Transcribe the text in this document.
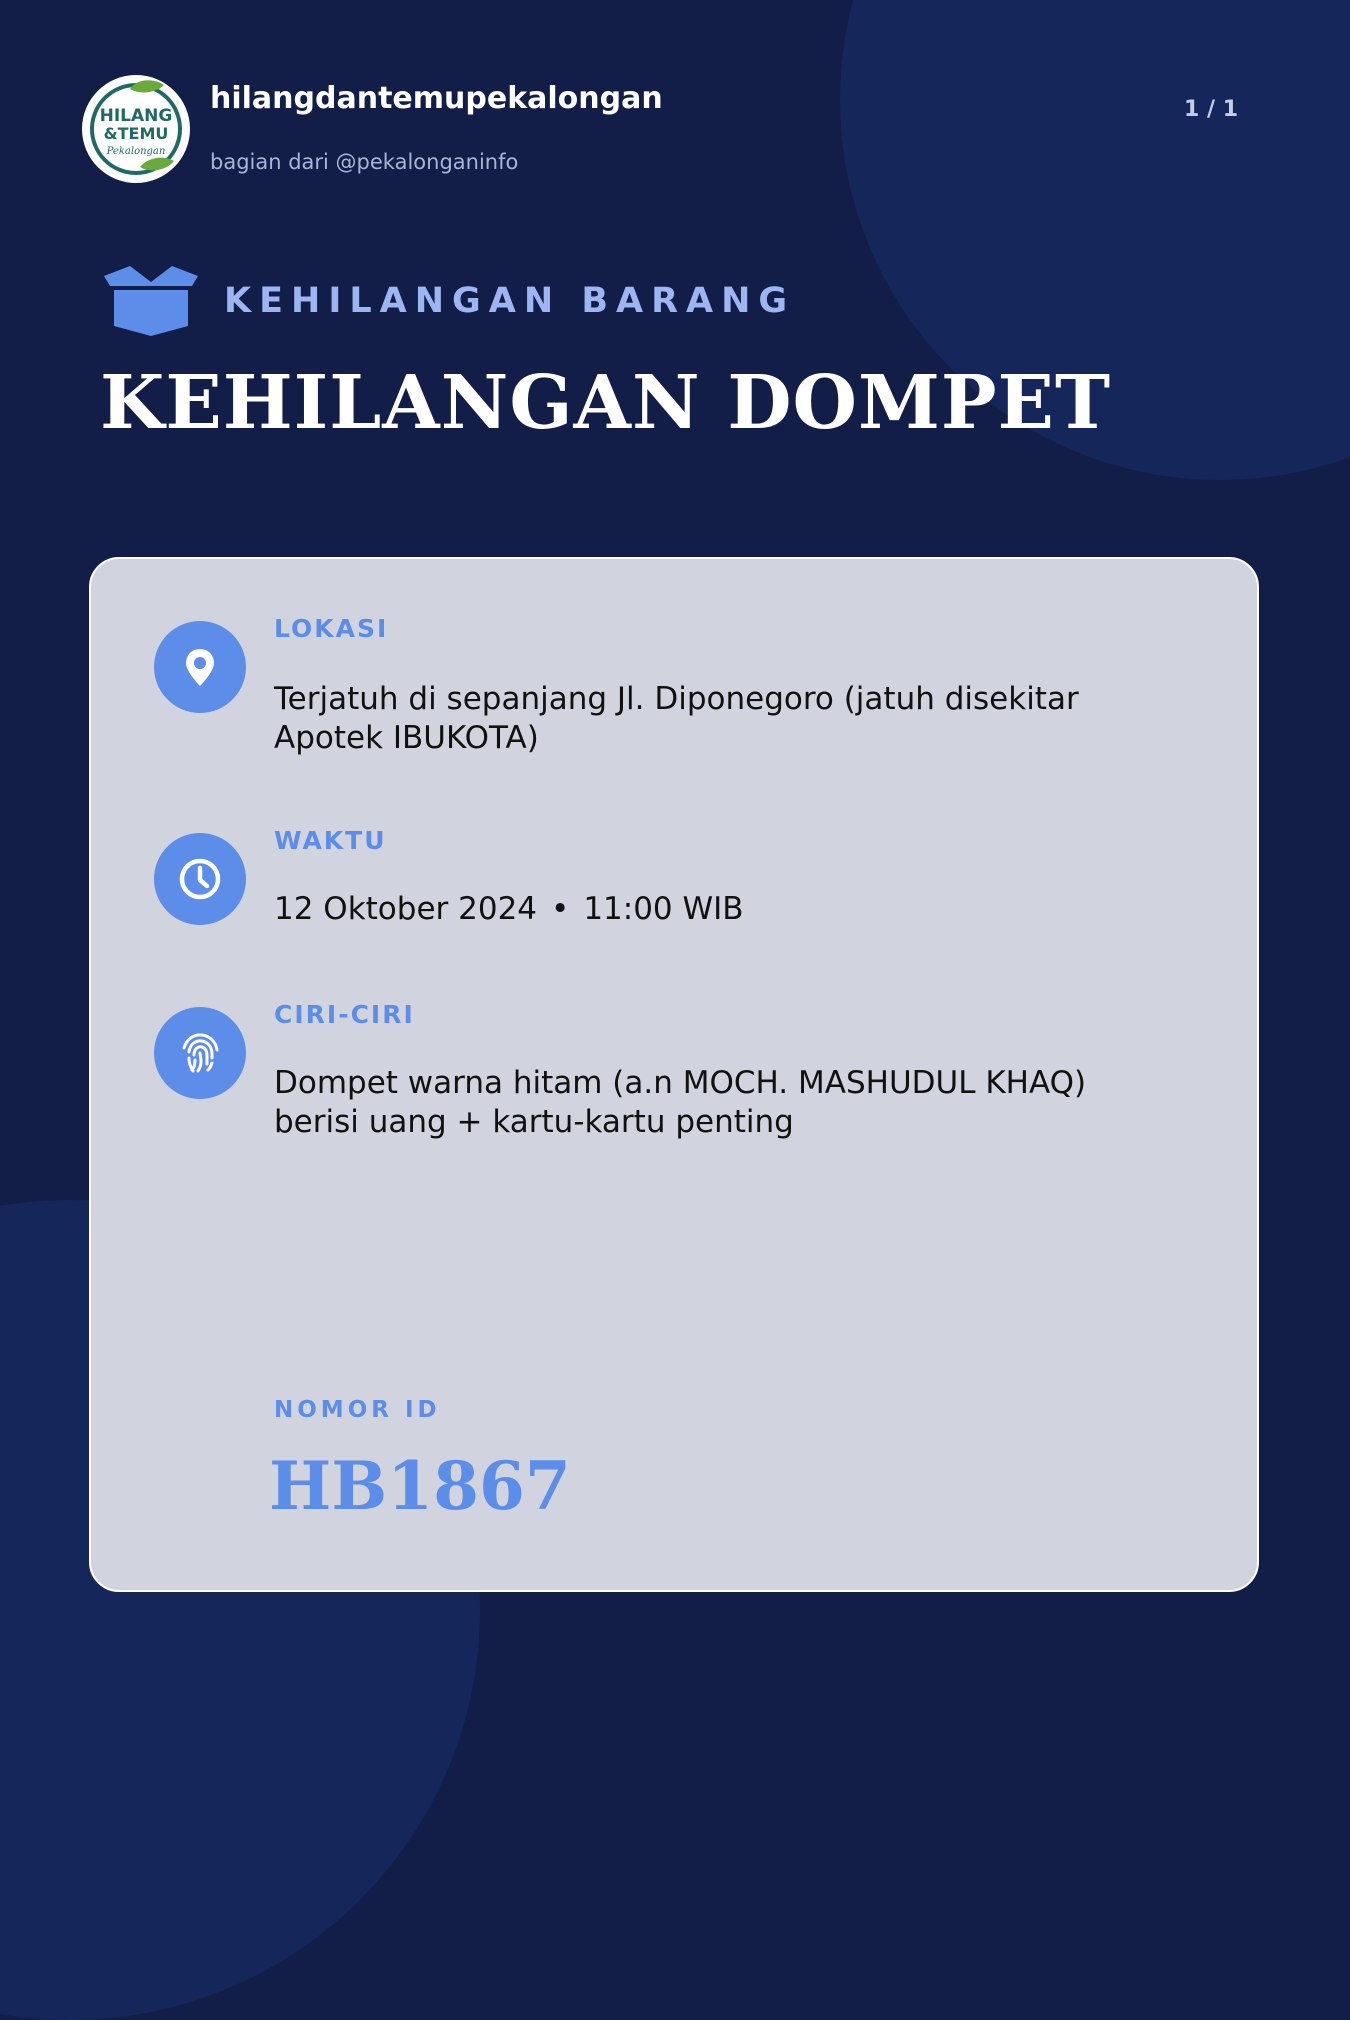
HILANG
&TEMU
Pekalongan
hilangdantemupekalongan
bagian dari @pekalonganinfo
1 / 1
KEHILANGAN BARANG
KEHILANGAN DOMPET
LOKASI
Terjatuh di sepanjang Jl. Diponegoro (jatuh disekitar Apotek IBUKOTA)
WAKTU
12 Oktober 2024 • 11:00 WIB
CIRI-CIRI
Dompet warna hitam (a.n MOCH. MASHUDUL KHAQ) berisi uang + kartu-kartu penting
NOMOR ID
HB1867
